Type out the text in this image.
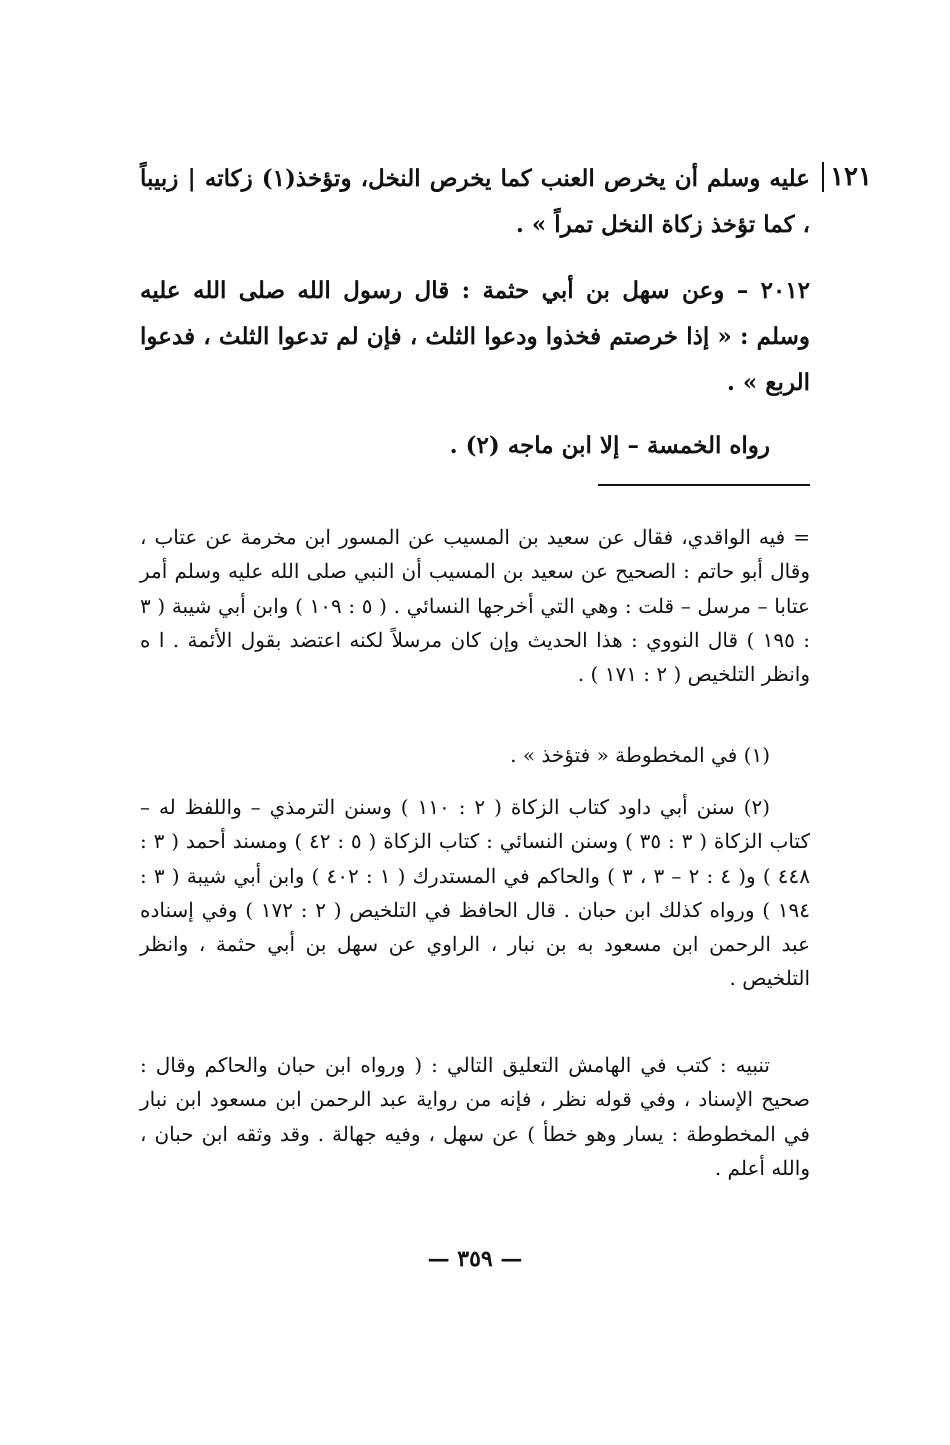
١٢١

عليه وسلم أن يخرص العنب كما يخرص النخل، وتؤخذ(١) زكاته | زبيباً ، كما تؤخذ زكاة النخل تمراً » .

٢٠١٢ – وعن سهل بن أبي حثمة : قال رسول الله صلى الله عليه وسلم : « إذا خرصتم فخذوا ودعوا الثلث ، فإن لم تدعوا الثلث ، فدعوا الربع » .

رواه الخمسة – إلا ابن ماجه (٢) .

= فيه الواقدي، فقال عن سعيد بن المسيب عن المسور ابن مخرمة عن عتاب ، وقال أبو حاتم : الصحيح عن سعيد بن المسيب أن النبي صلى الله عليه وسلم أمر عتابا – مرسل – قلت : وهي التي أخرجها النسائي . ( ٥ : ١٠٩ ) وابن أبي شيبة ( ٣ : ١٩٥ ) قال النووي : هذا الحديث وإن كان مرسلاً لكنه اعتضد بقول الأئمة . ا ه وانظر التلخيص ( ٢ : ١٧١ ) .

(١) في المخطوطة « فتؤخذ » .

(٢) سنن أبي داود كتاب الزكاة ( ٢ : ١١٠ ) وسنن الترمذي – واللفظ له – كتاب الزكاة ( ٣ : ٣٥ ) وسنن النسائي : كتاب الزكاة ( ٥ : ٤٢ ) ومسند أحمد ( ٣ : ٤٤٨ ) و( ٤ : ٢ – ٣ ، ٣ ) والحاكم في المستدرك ( ١ : ٤٠٢ ) وابن أبي شيبة ( ٣ : ١٩٤ ) ورواه كذلك ابن حبان . قال الحافظ في التلخيص ( ٢ : ١٧٢ ) وفي إسناده عبد الرحمن ابن مسعود به بن نبار ، الراوي عن سهل بن أبي حثمة ، وانظر التلخيص .

تنبيه : كتب في الهامش التعليق التالي : ( ورواه ابن حبان والحاكم وقال : صحيح الإسناد ، وفي قوله نظر ، فإنه من رواية عبد الرحمن ابن مسعود ابن نبار في المخطوطة : يسار وهو خطأ ) عن سهل ، وفيه جهالة . وقد وثقه ابن حبان ، والله أعلم .

— ٣٥٩ —
